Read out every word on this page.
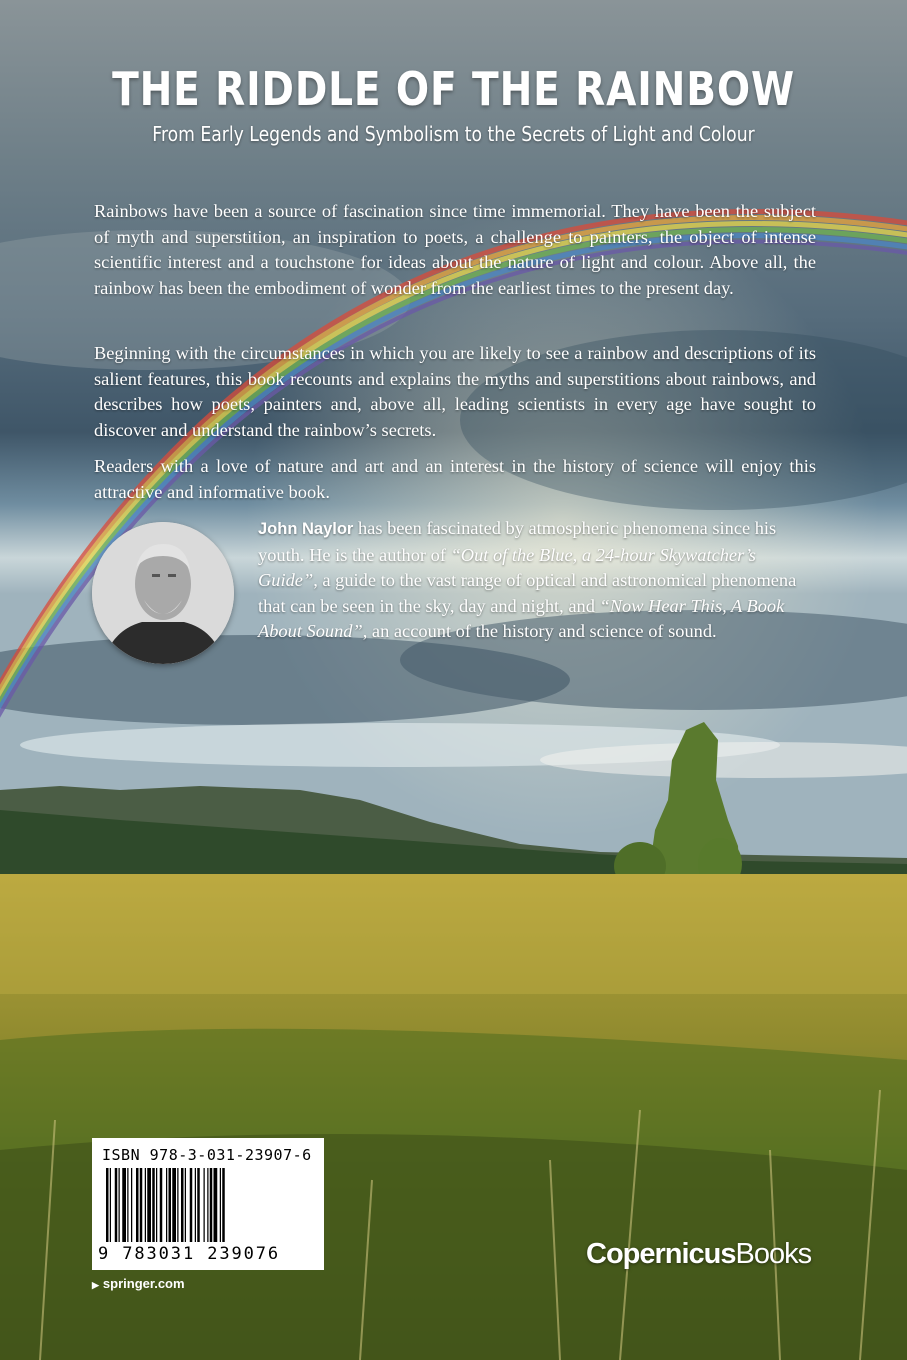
THE RIDDLE OF THE RAINBOW

From Early Legends and Symbolism to the Secrets of Light and Colour

Rainbows have been a source of fascination since time immemorial. They have been the subject of myth and superstition, an inspiration to poets, a challenge to painters, the object of intense scientific interest and a touchstone for ideas about the nature of light and colour. Above all, the rainbow has been the embodiment of wonder from the earliest times to the present day.

Beginning with the circumstances in which you are likely to see a rainbow and descriptions of its salient features, this book recounts and explains the myths and superstitions about rainbows, and describes how poets, painters and, above all, leading scientists in every age have sought to discover and understand the rainbow’s secrets.

Readers with a love of nature and art and an interest in the history of science will enjoy this attractive and informative book.

John Naylor has been fascinated by atmospheric phenomena since his youth. He is the author of “Out of the Blue, a 24-hour Skywatcher’s Guide”, a guide to the vast range of optical and astronomical phenomena that can be seen in the sky, day and night, and “Now Hear This, A Book About Sound”, an account of the history and science of sound.

ISBN 978-3-031-23907-6
9 783031 239076
▶ springer.com
CopernicusBooks
